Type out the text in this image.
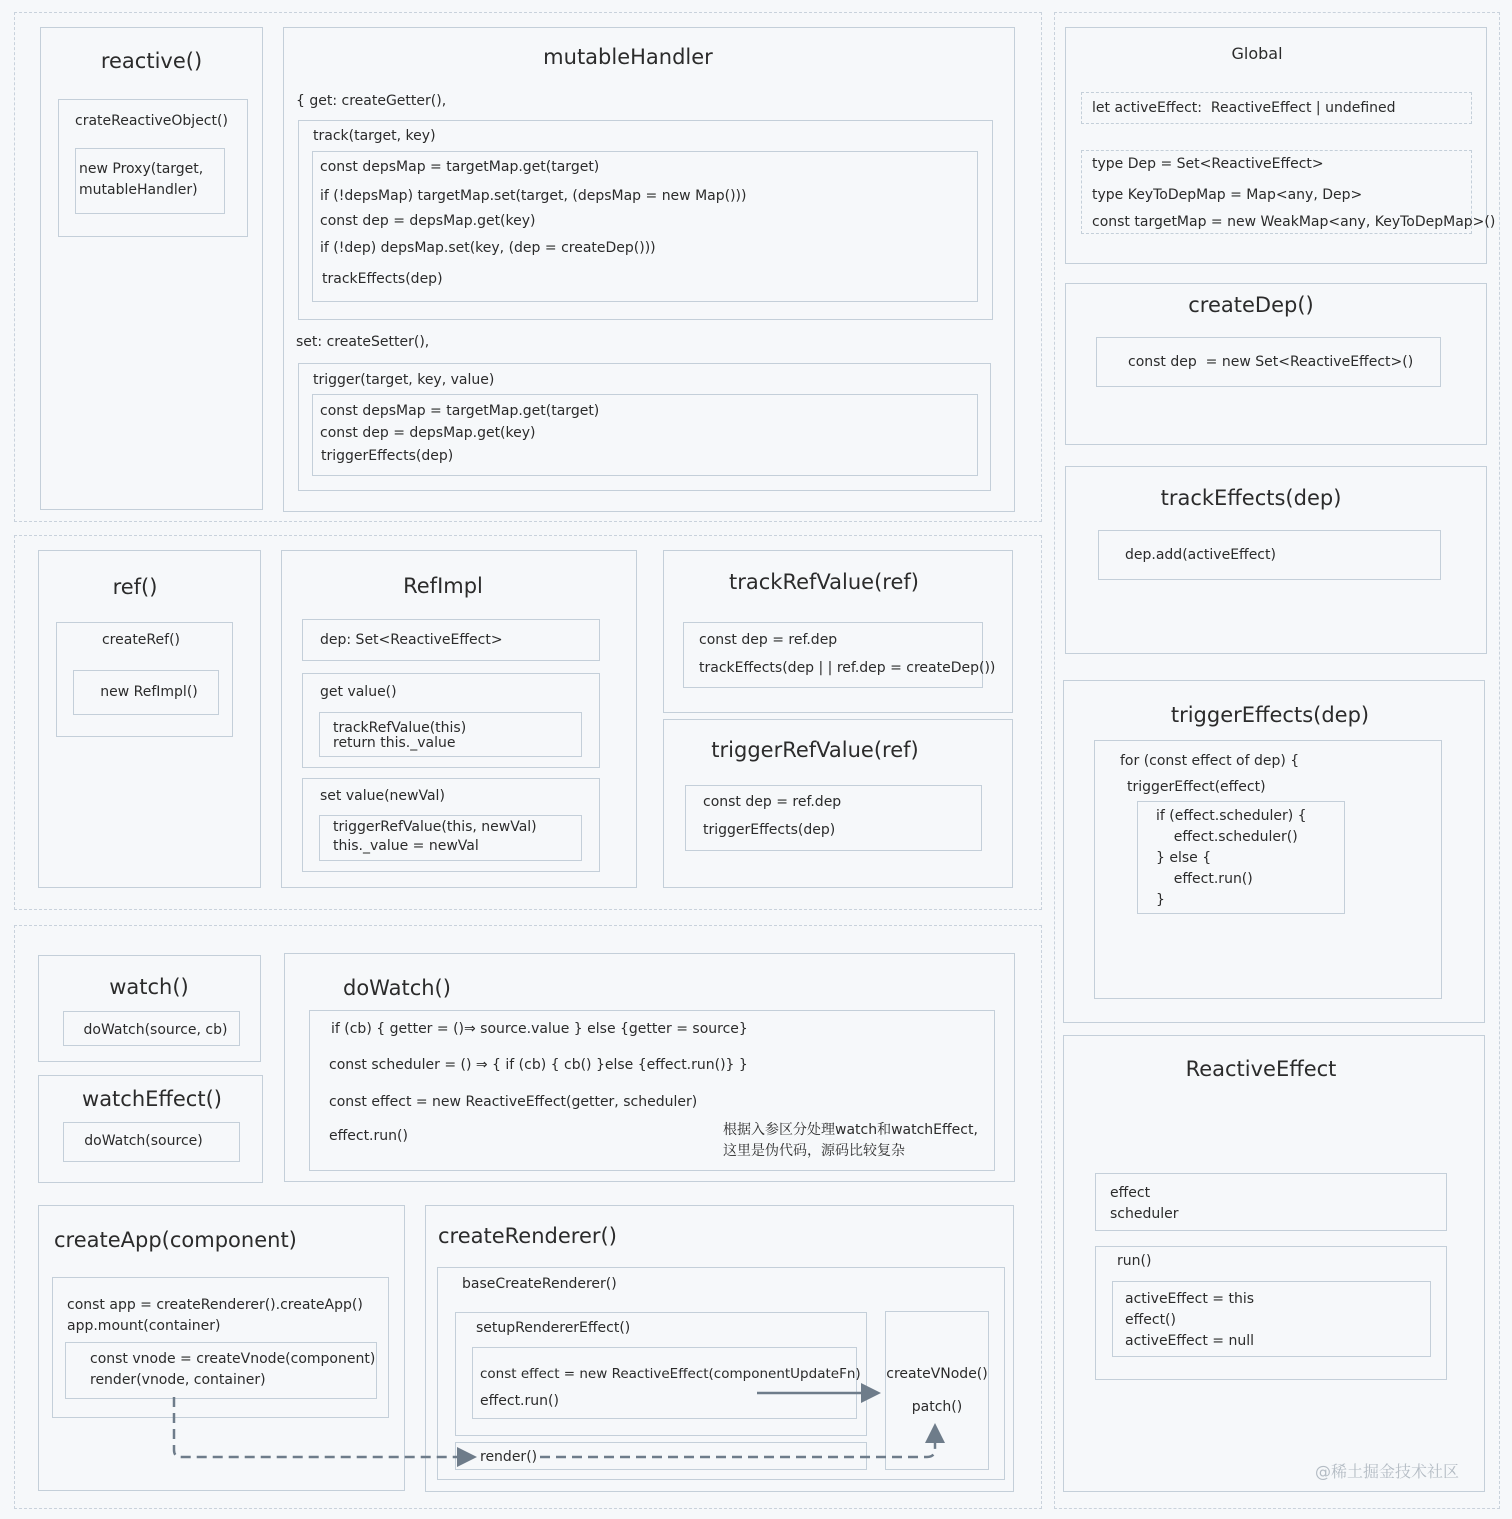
reactive()
crateReactiveObject()
new Proxy(target,
mutableHandler)
mutableHandler
{ get: createGetter(),
track(target, key)
const depsMap = targetMap.get(target)
if (!depsMap) targetMap.set(target, (depsMap = new Map()))
const dep = depsMap.get(key)
if (!dep) depsMap.set(key, (dep = createDep()))
trackEffects(dep)
set: createSetter(),
trigger(target, key, value)
const depsMap = targetMap.get(target)
const dep = depsMap.get(key)
triggerEffects(dep)
Global
let activeEffect:  ReactiveEffect | undefined
type Dep = Set<ReactiveEffect>
type KeyToDepMap = Map<any, Dep>
const targetMap = new WeakMap<any, KeyToDepMap>()
createDep()
const dep  = new Set<ReactiveEffect>()
trackEffects(dep)
dep.add(activeEffect)
triggerEffects(dep)
for (const effect of dep) {
triggerEffect(effect)
if (effect.scheduler) {
effect.scheduler()
} else {
effect.run()
}
ReactiveEffect
effect
scheduler
run()
activeEffect = this
effect()
activeEffect = null
ref()
createRef()
new RefImpl()
RefImpl
dep: Set<ReactiveEffect>
get value()
trackRefValue(this)
return this._value
set value(newVal)
triggerRefValue(this, newVal)
this._value = newVal
trackRefValue(ref)
const dep = ref.dep
trackEffects(dep | | ref.dep = createDep())
triggerRefValue(ref)
const dep = ref.dep
triggerEffects(dep)
watch()
doWatch(source, cb)
watchEffect()
doWatch(source)
doWatch()
if (cb) { getter = ()⇒ source.value } else {getter = source}
const scheduler = () ⇒ { if (cb) { cb() }else {effect.run()} }
const effect = new ReactiveEffect(getter, scheduler)
effect.run()	根据入参区分处理watch和watchEffect,
这里是伪代码，源码比较复杂
createApp(component)
const app = createRenderer().createApp()
app.mount(container)
const vnode = createVnode(component)
render(vnode, container)
createRenderer()
baseCreateRenderer()
setupRendererEffect()
const effect = new ReactiveEffect(componentUpdateFn)
effect.run()
createVNode()
patch()
render()
@稀土掘金技术社区
